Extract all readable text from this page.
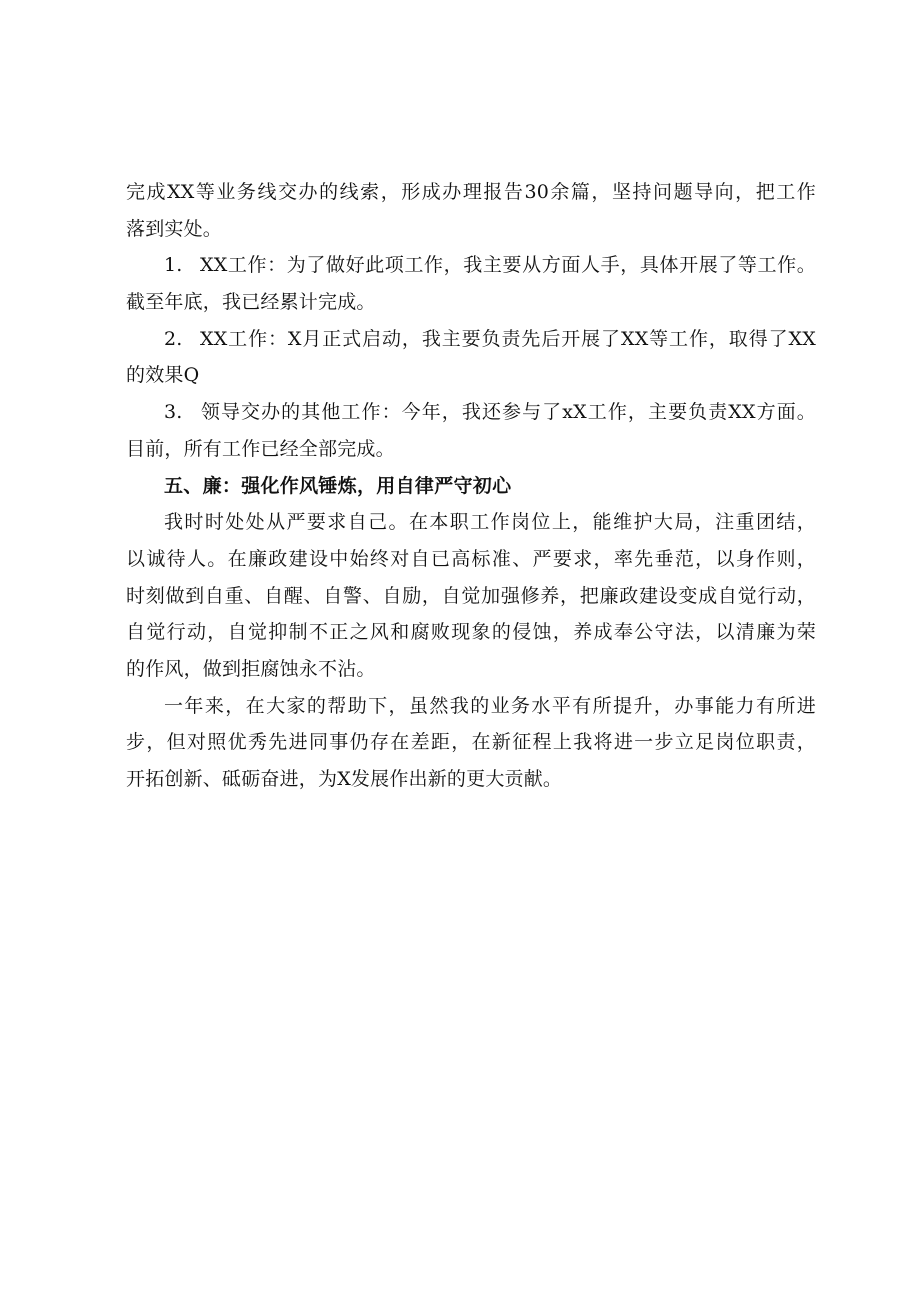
完成XX等业务线交办的线索，形成办理报告30余篇，坚持问题导向，把工作
落到实处。
1. XX工作：为了做好此项工作，我主要从方面人手，具体开展了等工作。
截至年底，我已经累计完成。
2. XX工作：X月正式启动，我主要负责先后开展了XX等工作，取得了XX
的效果Q
3. 领导交办的其他工作：今年，我还参与了xX工作，主要负责XX方面。
目前，所有工作已经全部完成。
五、廉：强化作风锤炼，用自律严守初心
我时时处处从严要求自己。在本职工作岗位上，能维护大局，注重团结，
以诚待人。在廉政建设中始终对自已高标准、严要求，率先垂范，以身作则，
时刻做到自重、自醒、自警、自励，自觉加强修养，把廉政建设变成自觉行动，
自觉行动，自觉抑制不正之风和腐败现象的侵蚀，养成奉公守法，以清廉为荣
的作风，做到拒腐蚀永不沾。
一年来，在大家的帮助下，虽然我的业务水平有所提升，办事能力有所进
步，但对照优秀先进同事仍存在差距，在新征程上我将进一步立足岗位职责，
开拓创新、砥砺奋进，为X发展作出新的更大贡献。
